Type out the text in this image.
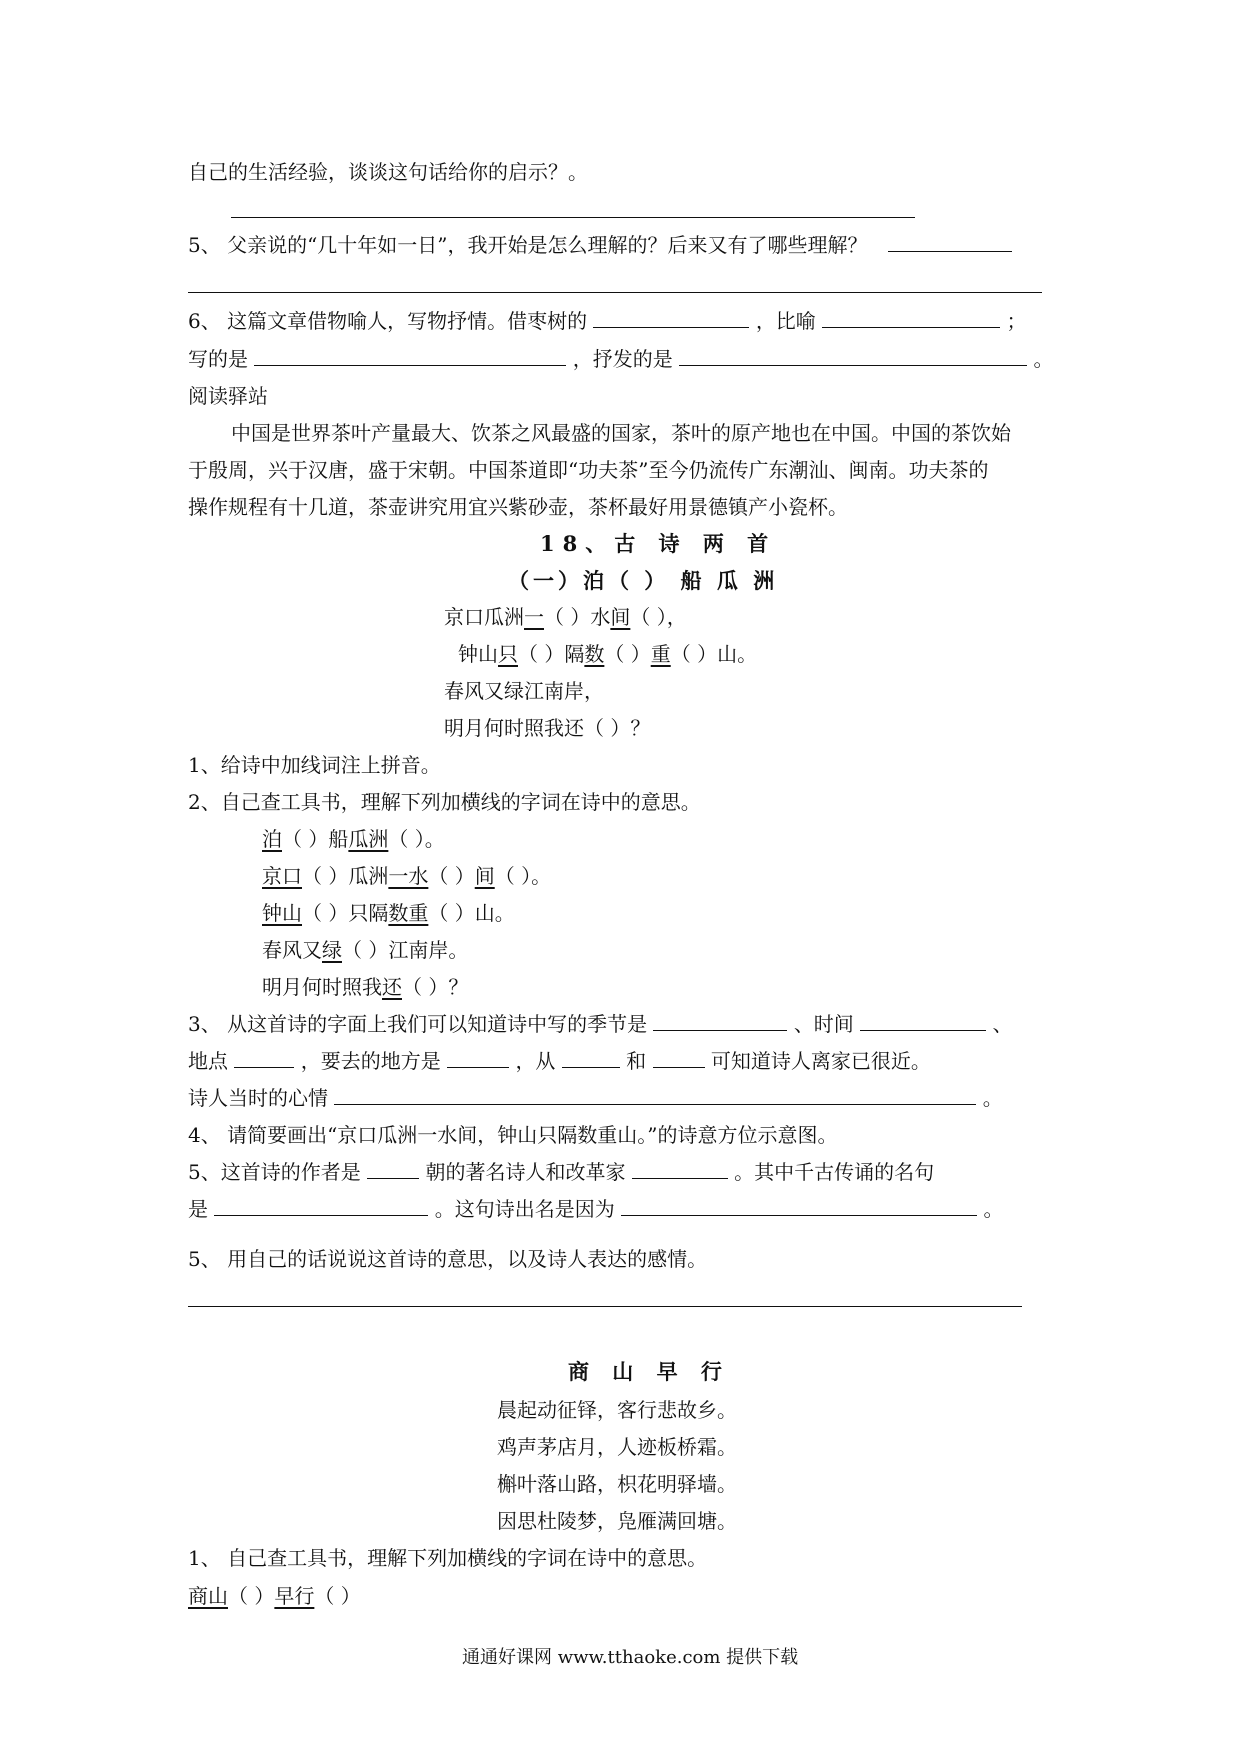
自己的生活经验，谈谈这句话给你的启示？。
5、 父亲说的“几十年如一日”，我开始是怎么理解的？后来又有了哪些理解？
6、 这篇文章借物喻人，写物抒情。借枣树的	，比喻	；
写的是	，抒发的是	。
阅读驿站
中国是世界茶叶产量最大、饮茶之风最盛的国家，茶叶的原产地也在中国。中国的茶饮始
于殷周，兴于汉唐，盛于宋朝。中国茶道即“功夫茶”至今仍流传广东潮汕、闽南。功夫茶的
操作规程有十几道，茶壶讲究用宜兴紫砂壶，茶杯最好用景德镇产小瓷杯。
18、古 诗 两 首
（一）泊（ ） 船 瓜 洲
京口瓜洲一（ ）水间（ ），
钟山只（ ）隔数（ ）重（ ）山。
春风又绿江南岸，
明月何时照我还（ ）？
1、给诗中加线词注上拼音。
2、自己查工具书，理解下列加横线的字词在诗中的意思。
泊（ ）船瓜洲（ ）。
京口（ ）瓜洲一水（ ）间（ ）。
钟山（ ）只隔数重（ ）山。
春风又绿（ ）江南岸。
明月何时照我还（ ）？
3、 从这首诗的字面上我们可以知道诗中写的季节是	、时间	、
地点	，要去的地方是	，从	和	可知道诗人离家已很近。
诗人当时的心情	。
4、 请简要画出“京口瓜洲一水间，钟山只隔数重山。”的诗意方位示意图。
5、这首诗的作者是	朝的著名诗人和改革家	。其中千古传诵的名句
是	。这句诗出名是因为	。
5、 用自己的话说说这首诗的意思，以及诗人表达的感情。
商 山 早 行
晨起动征铎，客行悲故乡。
鸡声茅店月，人迹板桥霜。
槲叶落山路，枳花明驿墙。
因思杜陵梦，凫雁满回塘。
1、 自己查工具书，理解下列加横线的字词在诗中的意思。
商山（ ）早行（ ）
通通好课网 www.tthaoke.com 提供下载
